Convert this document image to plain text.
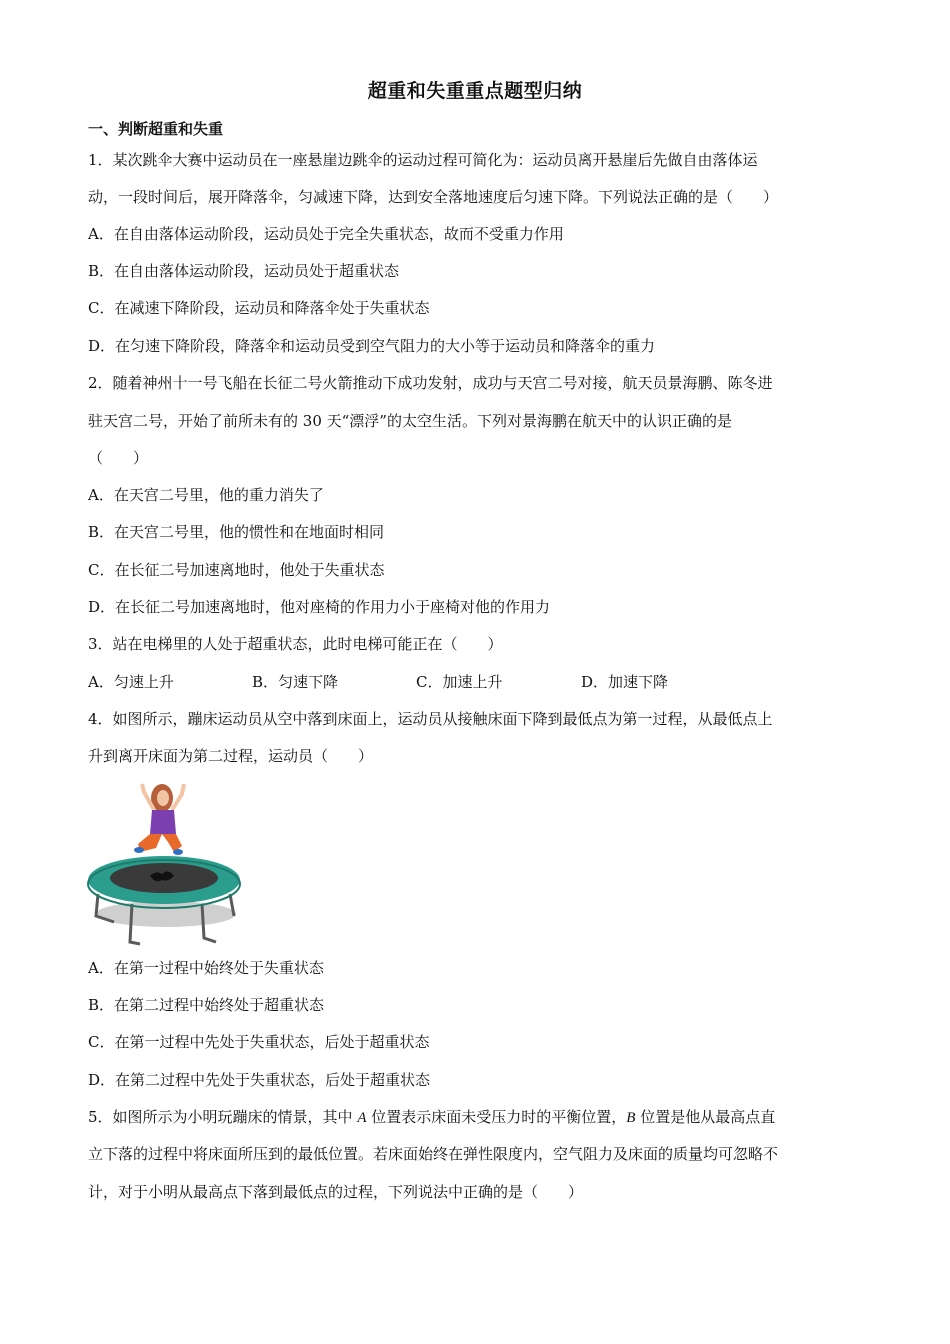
超重和失重重点题型归纳
一、判断超重和失重
1．某次跳伞大赛中运动员在一座悬崖边跳伞的运动过程可简化为：运动员离开悬崖后先做自由落体运
动，一段时间后，展开降落伞，匀减速下降，达到安全落地速度后匀速下降。下列说法正确的是（　　）
A．在自由落体运动阶段，运动员处于完全失重状态，故而不受重力作用
B．在自由落体运动阶段，运动员处于超重状态
C．在减速下降阶段，运动员和降落伞处于失重状态
D．在匀速下降阶段，降落伞和运动员受到空气阻力的大小等于运动员和降落伞的重力
2．随着神州十一号飞船在长征二号火箭推动下成功发射，成功与天宫二号对接，航天员景海鹏、陈冬进
驻天宫二号，开始了前所未有的 30 天“漂浮”的太空生活。下列对景海鹏在航天中的认识正确的是
（　　）
A．在天宫二号里，他的重力消失了
B．在天宫二号里，他的惯性和在地面时相同
C．在长征二号加速离地时，他处于失重状态
D．在长征二号加速离地时，他对座椅的作用力小于座椅对他的作用力
3．站在电梯里的人处于超重状态，此时电梯可能正在（　　）
A．匀速上升	B．匀速下降	C．加速上升	D．加速下降
4．如图所示，蹦床运动员从空中落到床面上，运动员从接触床面下降到最低点为第一过程，从最低点上
升到离开床面为第二过程，运动员（　　）
A．在第一过程中始终处于失重状态
B．在第二过程中始终处于超重状态
C．在第一过程中先处于失重状态，后处于超重状态
D．在第二过程中先处于失重状态，后处于超重状态
5．如图所示为小明玩蹦床的情景，其中 A 位置表示床面未受压力时的平衡位置，B 位置是他从最高点直
立下落的过程中将床面所压到的最低位置。若床面始终在弹性限度内，空气阻力及床面的质量均可忽略不
计，对于小明从最高点下落到最低点的过程，下列说法中正确的是（　　）
